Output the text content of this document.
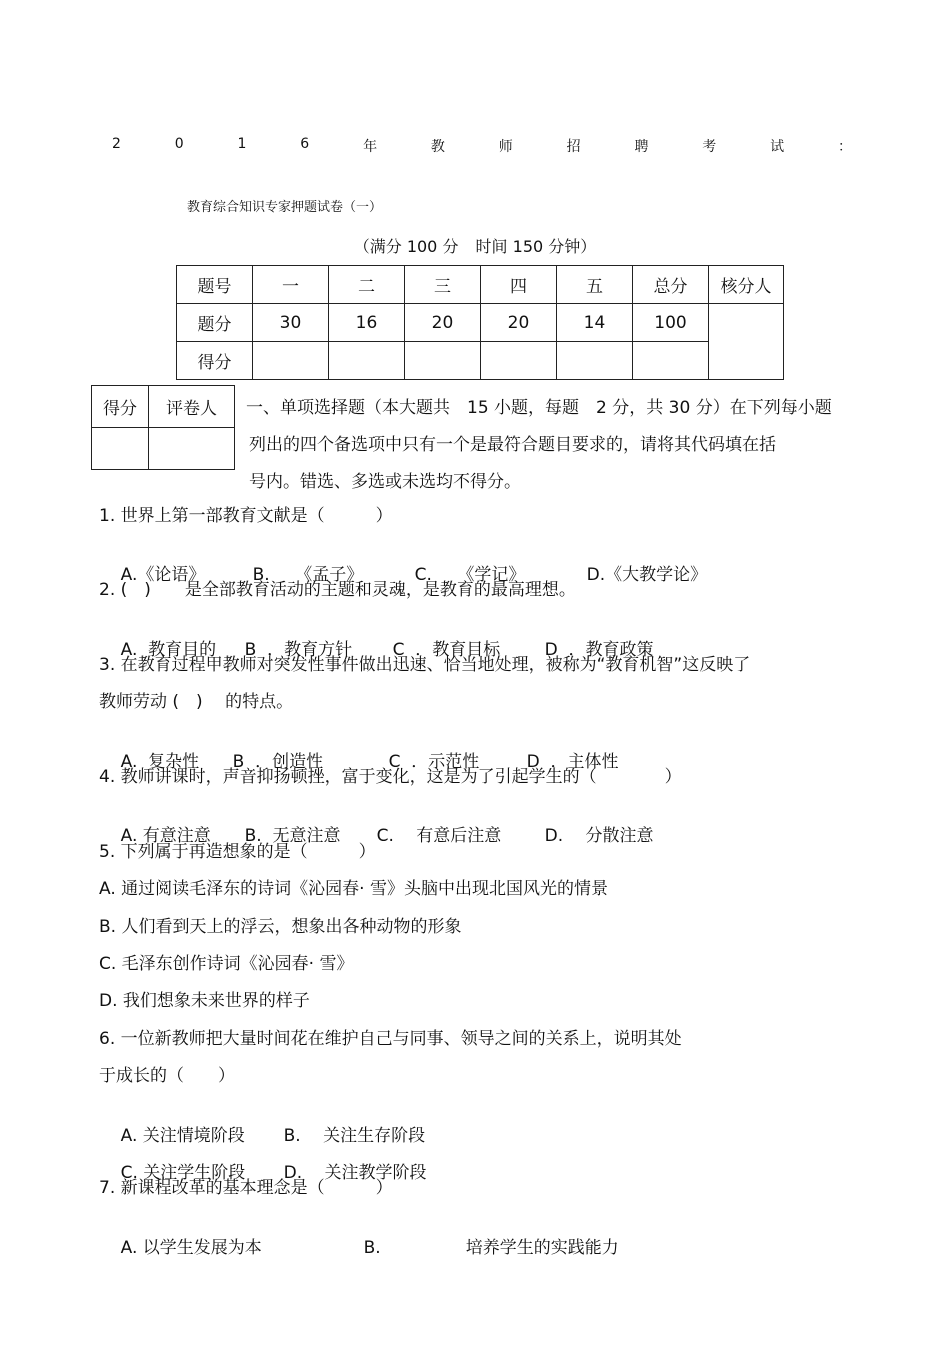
2	0	1	6	年	教	师	招	聘	考	试	：
教育综合知识专家押题试卷（一）
（满分 100 分 时间 150 分钟）
题号	一	二	三	四	五	总分	核分人
题分	30	16	20	20	14	100	
得分							
得分	评卷人
	一、单项选择题（本大题共　15 小题，每题　2 分，共 30 分）在下列每小题
列出的四个备选项中只有一个是最符合题目要求的，请将其代码填在括
号内。错选、多选或未选均不得分。
1. 世界上第一部教育文献是（　　　）

A.《论语》	B.　　《孟子》	C.　　《学记》	D.《大教学论》

2. (　)　　是全部教育活动的主题和灵魂，是教育的最高理想。

A.  教育目的 B  ．教育方针 C  ．教育目标	D  ．教育政策

3. 在教育过程甲教师对突发性事件做出迅速、恰当地处理，被称为“教育机智”这反映了
教师劳动 (　)　 的特点。

A.  复杂性 B  ．创造性	C  ．示范性	D  ．主体性

4. 教师讲课时，声音抑扬顿挫，富于变化，这是为了引起学生的（　　　　）

A. 有意注意 B.  无意注意 C.　 有意后注意	D.　 分散注意

5. 下列属于再造想象的是（　　　）
A. 通过阅读毛泽东的诗词《沁园春· 雪》头脑中出现北国风光的情景
B. 人们看到天上的浮云，想象出各种动物的形象
C. 毛泽东创作诗词《沁园春· 雪》
D. 我们想象未来世界的样子
6. 一位新教师把大量时间花在维护自己与同事、领导之间的关系上，说明其处
于成长的（　　）

A. 关注情境阶段 B.　 关注生存阶段

C. 关注学生阶段 D.　 关注教学阶段

7. 新课程改革的基本理念是（　　　）

A. 以学生发展为本	B.　　　　　培养学生的实践能力
